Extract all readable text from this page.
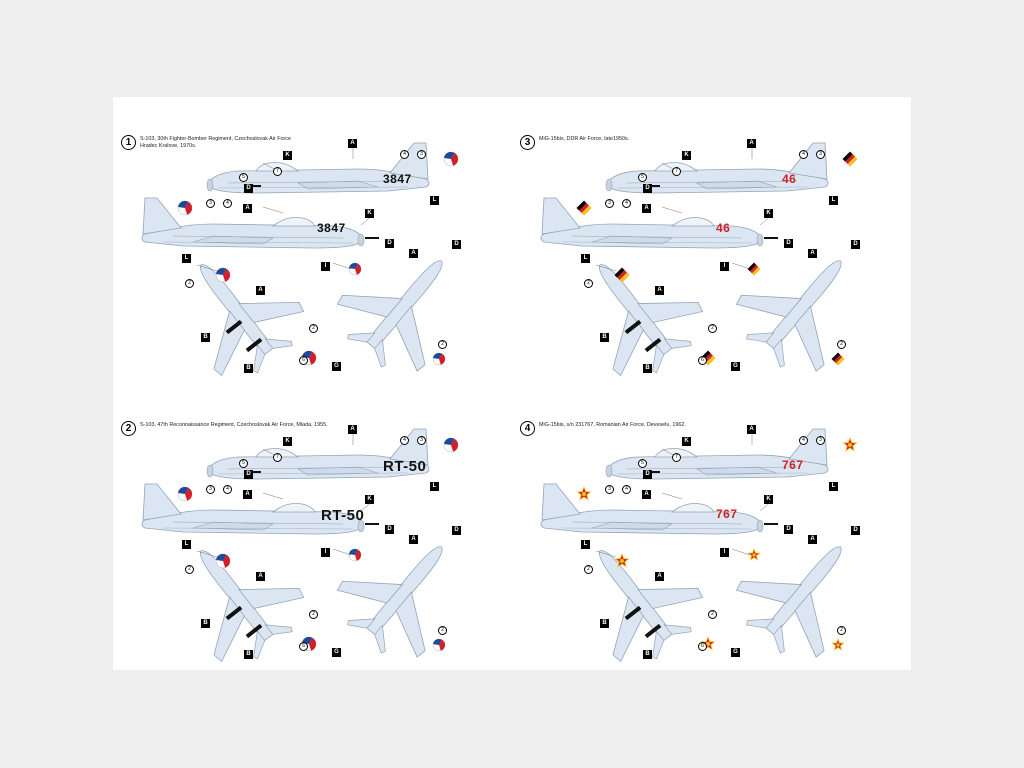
1	S-103, 30th Fighter-Bomber Regiment, Czechoslovak Air Force
Hradec Kralove, 1970s.
3847
3847
A
K
D
L
A
K
D
L
A
B
B	G
I
A
D
3
4
5
3	4
2
2
6
2
7
3	MiG-15bis, DDR Air Force, late1950s.
46
46
A
K
D
L
A
K
D
L
A
B
B	G
I
A
D
3
4
5
3	4
2
2
6
2
7
2	S-103, 47th Reconnaissance Regiment, Czechoslovak Air Force, Mlada, 1955.
RT-50
RT-50
A
K
D
L
A
K
D
L
A
B
B	G
I
A
D
3
4
5
3	4
2
2
6
2
7
4	MiG-15bis, s/n 231767, Romanian Air Force, Deveselu, 1962.
767
767
A
K
D
L
A
K
D
L
A
B
B	G
I
A
D
3
4
5
3	4
2
2
6
2
7
